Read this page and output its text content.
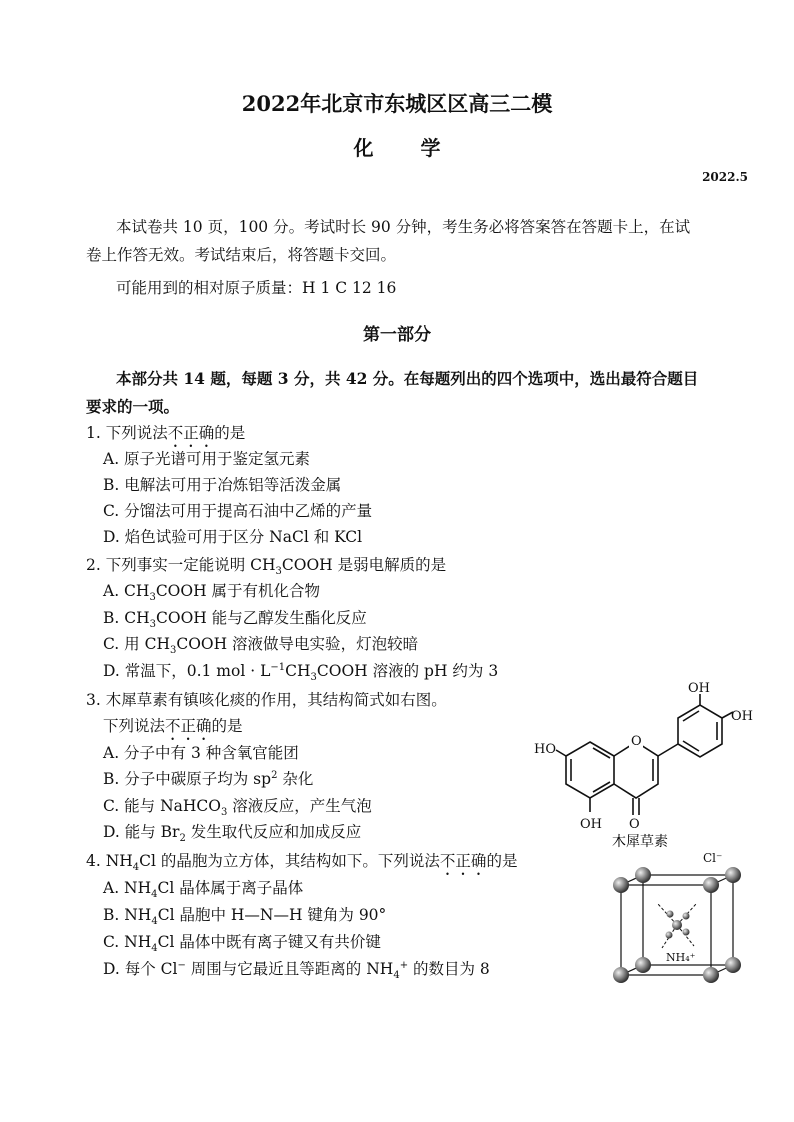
2022年北京市东城区区高三二模
化 学
2022.5
本试卷共 10 页，100 分。考试时长 90 分钟，考生务必将答案答在答题卡上，在试
卷上作答无效。考试结束后，将答题卡交回。
可能用到的相对原子质量：H 1 C 12 16
第一部分
本部分共 14 题，每题 3 分，共 42 分。在每题列出的四个选项中，选出最符合题目
要求的一项。
1. 下列说法不正确的是
A. 原子光谱可用于鉴定氢元素
B. 电解法可用于冶炼铝等活泼金属
C. 分馏法可用于提高石油中乙烯的产量
D. 焰色试验可用于区分 NaCl 和 KCl
2. 下列事实一定能说明 $CH_3COOH$ 是弱电解质的是
A. $CH_3COOH$ 属于有机化合物
B. $CH_3COOH$ 能与乙醇发生酯化反应
C. 用 $CH_3COOH$ 溶液做导电实验，灯泡较暗
D. 常温下，0.1 mol · $L^{-1}CH_3COOH$ 溶液的 pH 约为 3
3. 木犀草素有镇咳化痰的作用，其结构简式如右图。
下列说法不正确的是
A. 分子中有 3 种含氧官能团
B. 分子中碳原子均为 $sp^2$ 杂化
C. 能与 NaHCO$_3$ 溶液反应，产生气泡
D. 能与 $Br_2$ 发生取代反应和加成反应
OH
OH
HO
OH
O
O
木犀草素
4. $NH_4Cl$ 的晶胞为立方体，其结构如下。下列说法不正确的是
A. $NH_4Cl$ 晶体属于离子晶体
B. $NH_4Cl$ 晶胞中 H—N—H 键角为 90°
C. $NH_4Cl$ 晶体中既有离子键又有共价键
D. 每个 Cl− 周围与它最近且等距离的 $NH_4^+$ 的数目为 8
Cl⁻
NH₄⁺
